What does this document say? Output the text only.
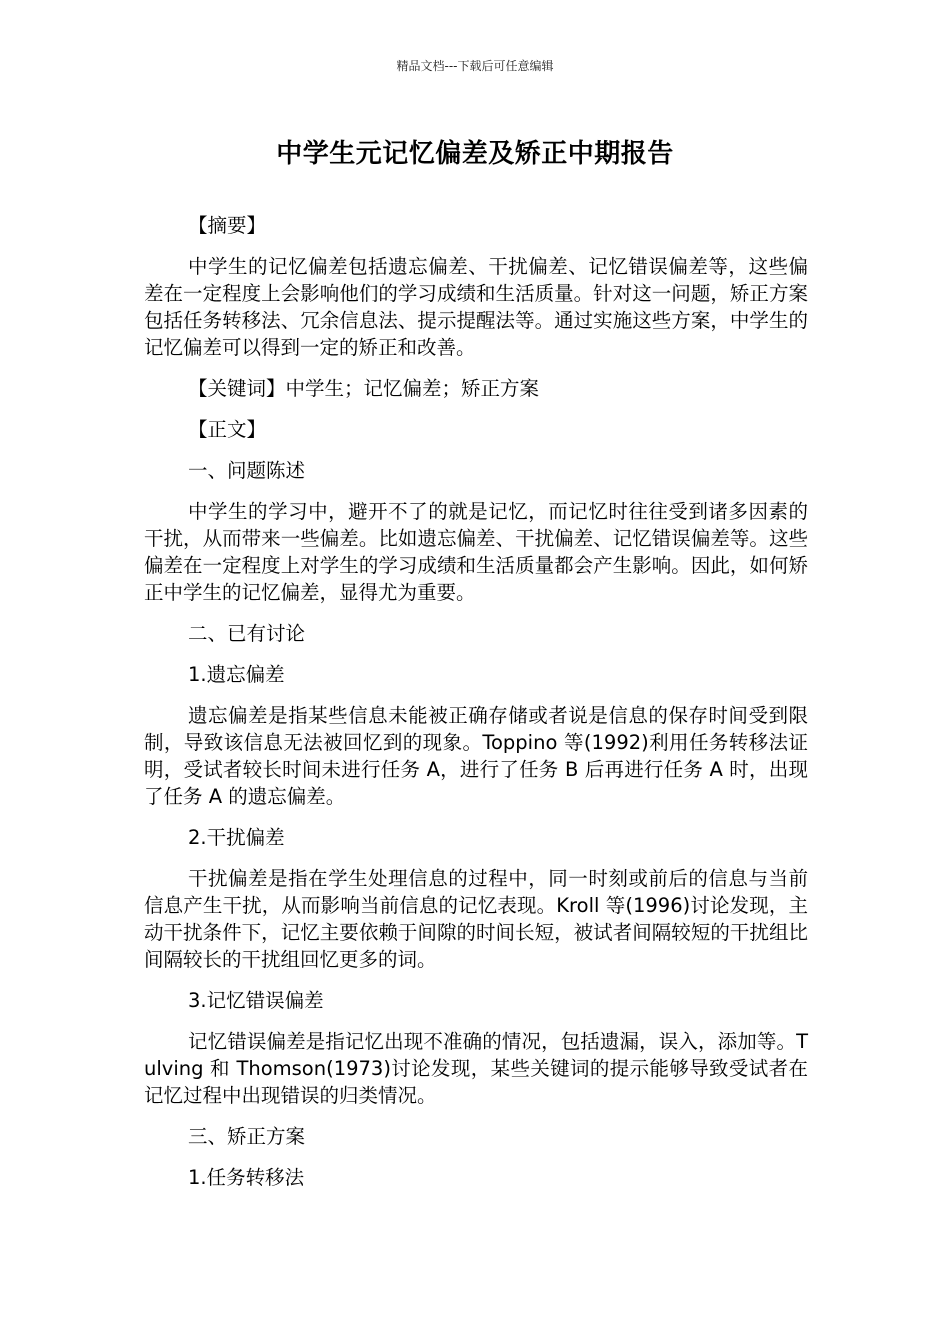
精品文档---下载后可任意编辑
中学生元记忆偏差及矫正中期报告

【摘要】

中学生的记忆偏差包括遗忘偏差、干扰偏差、记忆错误偏差等，这些偏差在一定程度上会影响他们的学习成绩和生活质量。针对这一问题，矫正方案包括任务转移法、冗余信息法、提示提醒法等。通过实施这些方案，中学生的记忆偏差可以得到一定的矫正和改善。

【关键词】中学生；记忆偏差；矫正方案

【正文】

一、问题陈述

中学生的学习中，避开不了的就是记忆，而记忆时往往受到诸多因素的干扰，从而带来一些偏差。比如遗忘偏差、干扰偏差、记忆错误偏差等。这些偏差在一定程度上对学生的学习成绩和生活质量都会产生影响。因此，如何矫正中学生的记忆偏差，显得尤为重要。

二、已有讨论

1.遗忘偏差

遗忘偏差是指某些信息未能被正确存储或者说是信息的保存时间受到限制，导致该信息无法被回忆到的现象。Toppino 等(1992)利用任务转移法证明，受试者较长时间未进行任务 A，进行了任务 B 后再进行任务 A 时，出现了任务 A 的遗忘偏差。

2.干扰偏差

干扰偏差是指在学生处理信息的过程中，同一时刻或前后的信息与当前信息产生干扰，从而影响当前信息的记忆表现。Kroll 等(1996)讨论发现，主动干扰条件下，记忆主要依赖于间隙的时间长短，被试者间隔较短的干扰组比间隔较长的干扰组回忆更多的词。

3.记忆错误偏差

记忆错误偏差是指记忆出现不准确的情况，包括遗漏，误入，添加等。Tulving 和 Thomson(1973)讨论发现，某些关键词的提示能够导致受试者在记忆过程中出现错误的归类情况。

三、矫正方案

1.任务转移法
